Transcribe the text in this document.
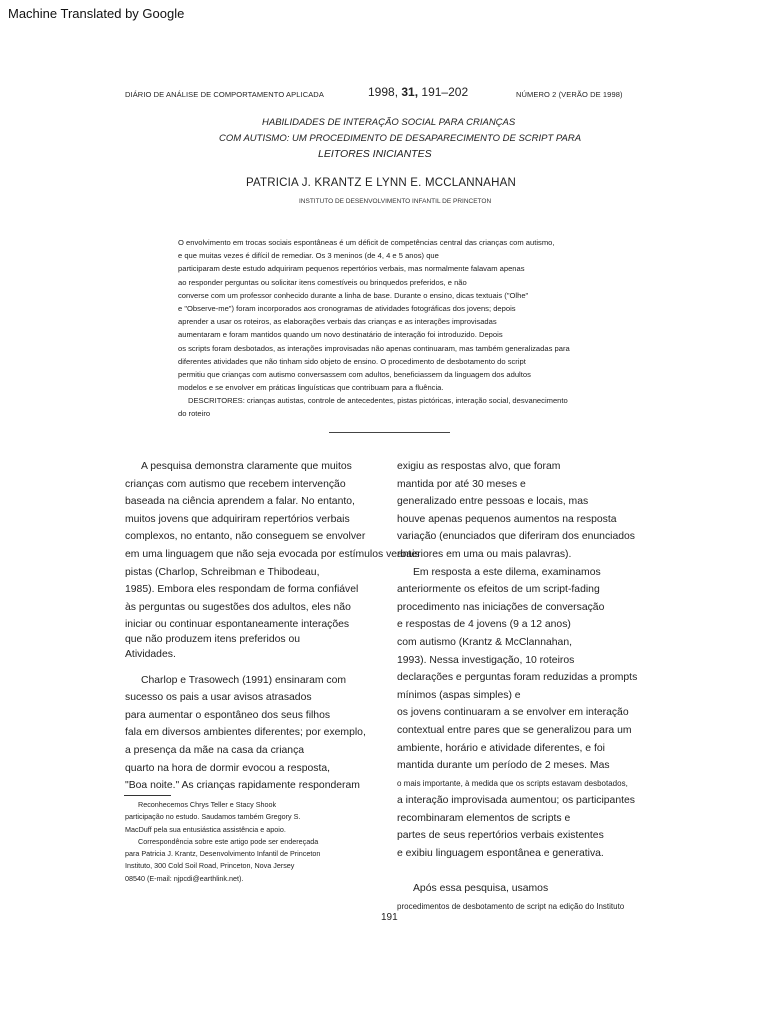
Machine Translated by Google
DIÁRIO DE ANÁLISE DE COMPORTAMENTO APLICADA	1998, 31, 191–202	NÚMERO 2 (VERÃO DE 1998)
HABILIDADES DE INTERAÇÃO SOCIAL PARA CRIANÇAS
COM AUTISMO: UM PROCEDIMENTO DE DESAPARECIMENTO DE SCRIPT PARA
LEITORES INICIANTES
PATRICIA J. KRANTZ E LYNN E. MCCLANNAHAN
INSTITUTO DE DESENVOLVIMENTO INFANTIL DE PRINCETON
O envolvimento em trocas sociais espontâneas é um déficit de competências central das crianças com autismo,
e que muitas vezes é difícil de remediar. Os 3 meninos (de 4, 4 e 5 anos) que
participaram deste estudo adquiriram pequenos repertórios verbais, mas normalmente falavam apenas
ao responder perguntas ou solicitar itens comestíveis ou brinquedos preferidos, e não
converse com um professor conhecido durante a linha de base. Durante o ensino, dicas textuais ("Olhe"
e "Observe-me") foram incorporados aos cronogramas de atividades fotográficas dos jovens; depois
aprender a usar os roteiros, as elaborações verbais das crianças e as interações improvisadas
aumentaram e foram mantidos quando um novo destinatário de interação foi introduzido. Depois
os scripts foram desbotados, as interações improvisadas não apenas continuaram, mas também generalizadas para
diferentes atividades que não tinham sido objeto de ensino. O procedimento de desbotamento do script
permitiu que crianças com autismo conversassem com adultos, beneficiassem da linguagem dos adultos
modelos e se envolver em práticas linguísticas que contribuam para a fluência.
DESCRITORES: crianças autistas, controle de antecedentes, pistas pictóricas, interação social, desvanecimento
do roteiro
A pesquisa demonstra claramente que muitos
crianças com autismo que recebem intervenção
baseada na ciência aprendem a falar. No entanto,
muitos jovens que adquiriram repertórios verbais
complexos, no entanto, não conseguem se envolver
em uma linguagem que não seja evocada por estímulos verbais
pistas (Charlop, Schreibman e Thibodeau,
1985). Embora eles respondam de forma confiável
às perguntas ou sugestões dos adultos, eles não
iniciar ou continuar espontaneamente interações
que não produzem itens preferidos ou
Atividades.
Charlop e Trasowech (1991) ensinaram com
sucesso os pais a usar avisos atrasados
para aumentar o espontâneo dos seus filhos
fala em diversos ambientes diferentes; por exemplo,
a presença da mãe na casa da criança
quarto na hora de dormir evocou a resposta,
"Boa noite." As crianças rapidamente responderam
exigiu as respostas alvo, que foram
mantida por até 30 meses e
generalizado entre pessoas e locais, mas
houve apenas pequenos aumentos na resposta
variação (enunciados que diferiram dos enunciados
anteriores em uma ou mais palavras).
Em resposta a este dilema, examinamos
anteriormente os efeitos de um script-fading
procedimento nas iniciações de conversação
e respostas de 4 jovens (9 a 12 anos)
com autismo (Krantz & McClannahan,
1993). Nessa investigação, 10 roteiros
declarações e perguntas foram reduzidas a prompts
mínimos (aspas simples) e
os jovens continuaram a se envolver em interação
contextual entre pares que se generalizou para um
ambiente, horário e atividade diferentes, e foi
mantida durante um período de 2 meses. Mas
o mais importante, à medida que os scripts estavam desbotados,
a interação improvisada aumentou; os participantes
recombinaram elementos de scripts e
partes de seus repertórios verbais existentes
e exibiu linguagem espontânea e generativa.
Após essa pesquisa, usamos
procedimentos de desbotamento de script na edição do Instituto
Reconhecemos Chrys Teller e Stacy Shook
participação no estudo. Saudamos também Gregory S.
MacDuff pela sua entusiástica assistência e apoio.
Correspondência sobre este artigo pode ser endereçada
para Patricia J. Krantz, Desenvolvimento Infantil de Princeton
Instituto, 300 Cold Soil Road, Princeton, Nova Jersey
08540 (E-mail: njpcdi@earthlink.net).
191
